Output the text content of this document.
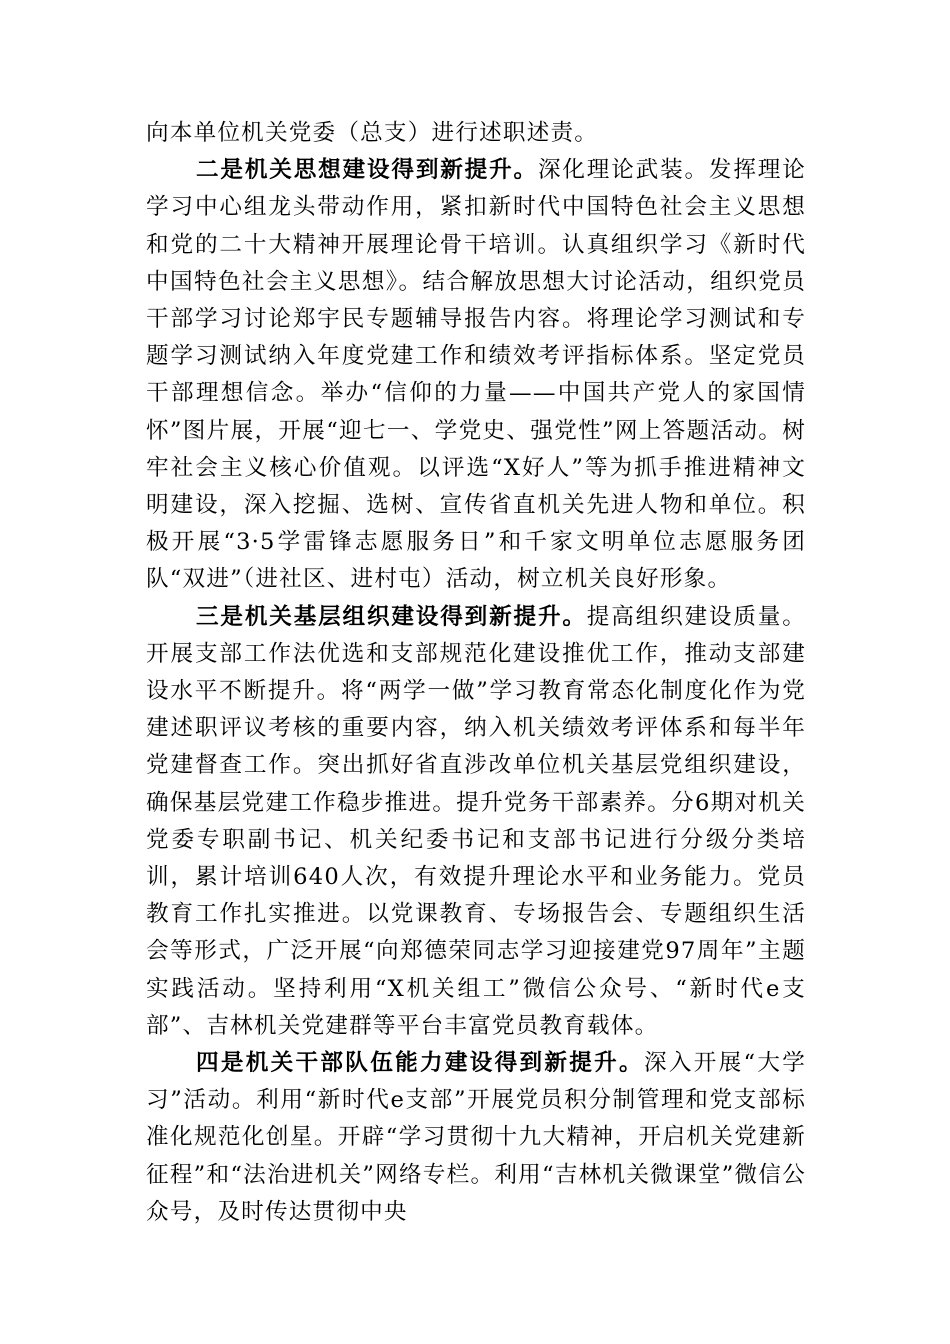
向本单位机关党委（总支）进行述职述责。

二是机关思想建设得到新提升。深化理论武装。发挥理论学习中心组龙头带动作用，紧扣新时代中国特色社会主义思想和党的二十大精神开展理论骨干培训。认真组织学习《新时代中国特色社会主义思想》。结合解放思想大讨论活动，组织党员干部学习讨论郑宇民专题辅导报告内容。将理论学习测试和专题学习测试纳入年度党建工作和绩效考评指标体系。坚定党员干部理想信念。举办“信仰的力量——中国共产党人的家国情怀”图片展，开展“迎七一、学党史、强党性”网上答题活动。树牢社会主义核心价值观。以评选“X好人”等为抓手推进精神文明建设，深入挖掘、选树、宣传省直机关先进人物和单位。积极开展“3·5学雷锋志愿服务日”和千家文明单位志愿服务团队“双进”（进社区、进村屯）活动，树立机关良好形象。

三是机关基层组织建设得到新提升。提高组织建设质量。开展支部工作法优选和支部规范化建设推优工作，推动支部建设水平不断提升。将“两学一做”学习教育常态化制度化作为党建述职评议考核的重要内容，纳入机关绩效考评体系和每半年党建督查工作。突出抓好省直涉改单位机关基层党组织建设，确保基层党建工作稳步推进。提升党务干部素养。分6期对机关党委专职副书记、机关纪委书记和支部书记进行分级分类培训，累计培训640人次，有效提升理论水平和业务能力。党员教育工作扎实推进。以党课教育、专场报告会、专题组织生活会等形式，广泛开展“向郑德荣同志学习迎接建党97周年”主题实践活动。坚持利用“X机关组工”微信公众号、“新时代e支部”、吉林机关党建群等平台丰富党员教育载体。

四是机关干部队伍能力建设得到新提升。深入开展“大学习”活动。利用“新时代e支部”开展党员积分制管理和党支部标准化规范化创星。开辟“学习贯彻十九大精神，开启机关党建新征程”和“法治进机关”网络专栏。利用“吉林机关微课堂”微信公众号，及时传达贯彻中央
